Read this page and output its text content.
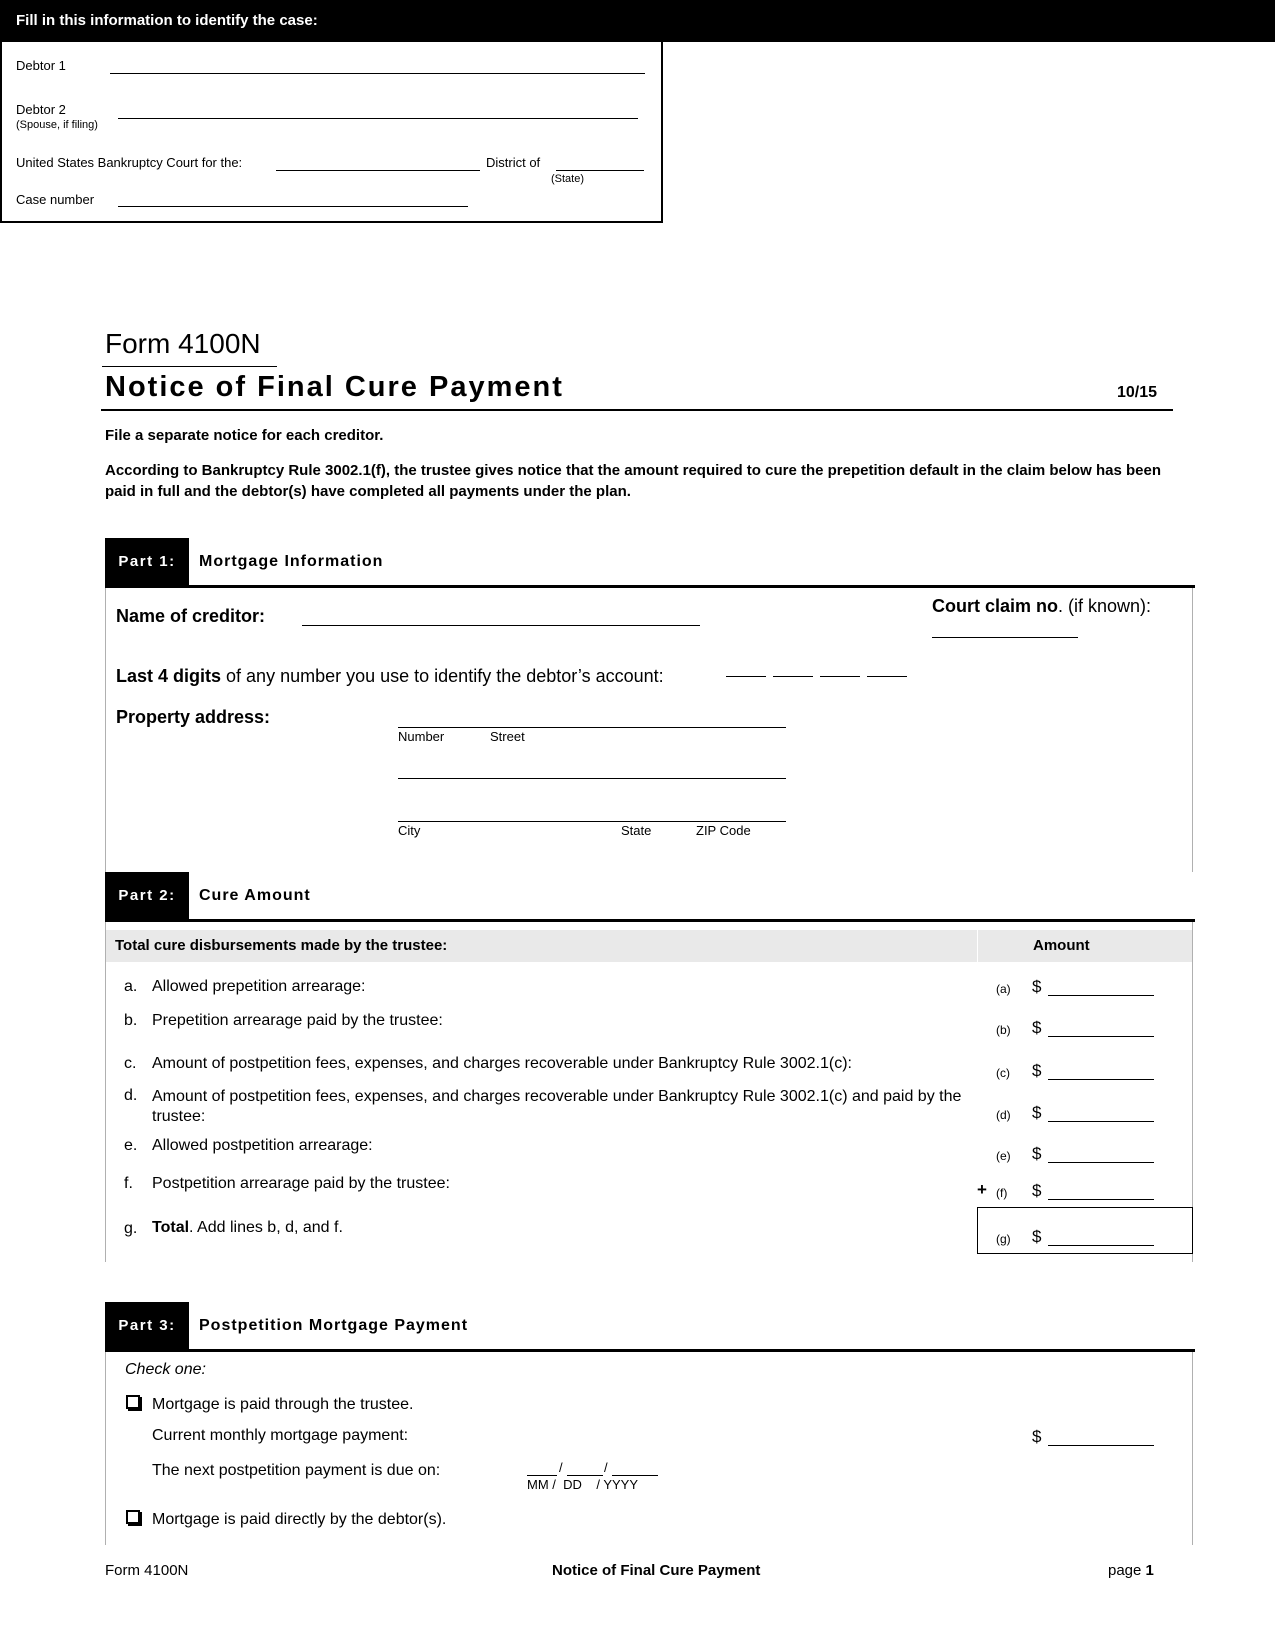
Fill in this information to identify the case:
Debtor 1
Debtor 2
(Spouse, if filing)
United States Bankruptcy Court for the:	District of
(State)
Case number
Form 4100N
Notice of Final Cure Payment	10/15
File a separate notice for each creditor.
According to Bankruptcy Rule 3002.1(f), the trustee gives notice that the amount required to cure the prepetition default in the claim below has been paid in full and the debtor(s) have completed all payments under the plan.
Part 1:	Mortgage Information
Name of creditor:	Court claim no. (if known):
Last 4 digits of any number you use to identify the debtor’s account:
Property address:
Number	Street
City	State	ZIP Code
Part 2:	Cure Amount
Total cure disbursements made by the trustee:	Amount
a. Allowed prepetition arrearage:	(a) $
b. Prepetition arrearage paid by the trustee:
(b) $
c. Amount of postpetition fees, expenses, and charges recoverable under Bankruptcy Rule 3002.1(c):
(c) $
d. Amount of postpetition fees, expenses, and charges recoverable under Bankruptcy Rule 3002.1(c) and paid by the trustee:	(d) $
e. Allowed postpetition arrearage:
(e) $
f. Postpetition arrearage paid by the trustee:	+ (f) $
g. Total. Add lines b, d, and f.
(g) $
Part 3:	Postpetition Mortgage Payment
Check one:
Mortgage is paid through the trustee.
Current monthly mortgage payment:	$
The next postpetition payment is due on:	/	/
MM /  DD    / YYYY
Mortgage is paid directly by the debtor(s).
Form 4100N	Notice of Final Cure Payment	page 1
